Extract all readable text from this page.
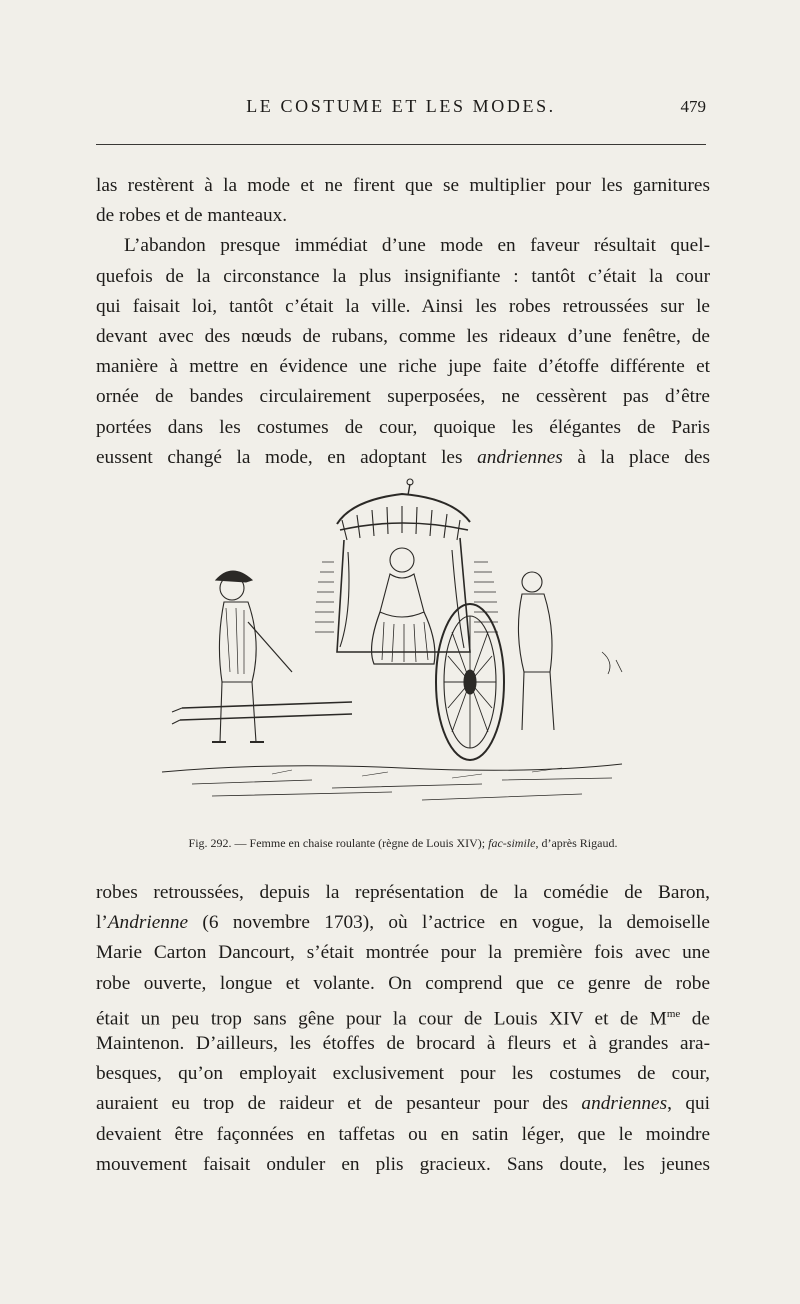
LE COSTUME ET LES MODES.	479
las restèrent à la mode et ne firent que se multiplier pour les garnitures
de robes et de manteaux.
L’abandon presque immédiat d’une mode en faveur résultait quel-
quefois de la circonstance la plus insignifiante : tantôt c’était la cour
qui faisait loi, tantôt c’était la ville. Ainsi les robes retroussées sur le
devant avec des nœuds de rubans, comme les rideaux d’une fenêtre, de
manière à mettre en évidence une riche jupe faite d’étoffe différente et
ornée de bandes circulairement superposées, ne cessèrent pas d’être
portées dans les costumes de cour, quoique les élégantes de Paris
eussent changé la mode, en adoptant les andriennes à la place des
Fig. 292. — Femme en chaise roulante (règne de Louis XIV); fac-simile, d’après Rigaud.
robes retroussées, depuis la représentation de la comédie de Baron,
l’Andrienne (6 novembre 1703), où l’actrice en vogue, la demoiselle
Marie Carton Dancourt, s’était montrée pour la première fois avec une
robe ouverte, longue et volante. On comprend que ce genre de robe
était un peu trop sans gêne pour la cour de Louis XIV et de $M^{me}$ de
Maintenon. D’ailleurs, les étoffes de brocard à fleurs et à grandes ara-
besques, qu’on employait exclusivement pour les costumes de cour,
auraient eu trop de raideur et de pesanteur pour des andriennes, qui
devaient être façonnées en taffetas ou en satin léger, que le moindre
mouvement faisait onduler en plis gracieux. Sans doute, les jeunes
